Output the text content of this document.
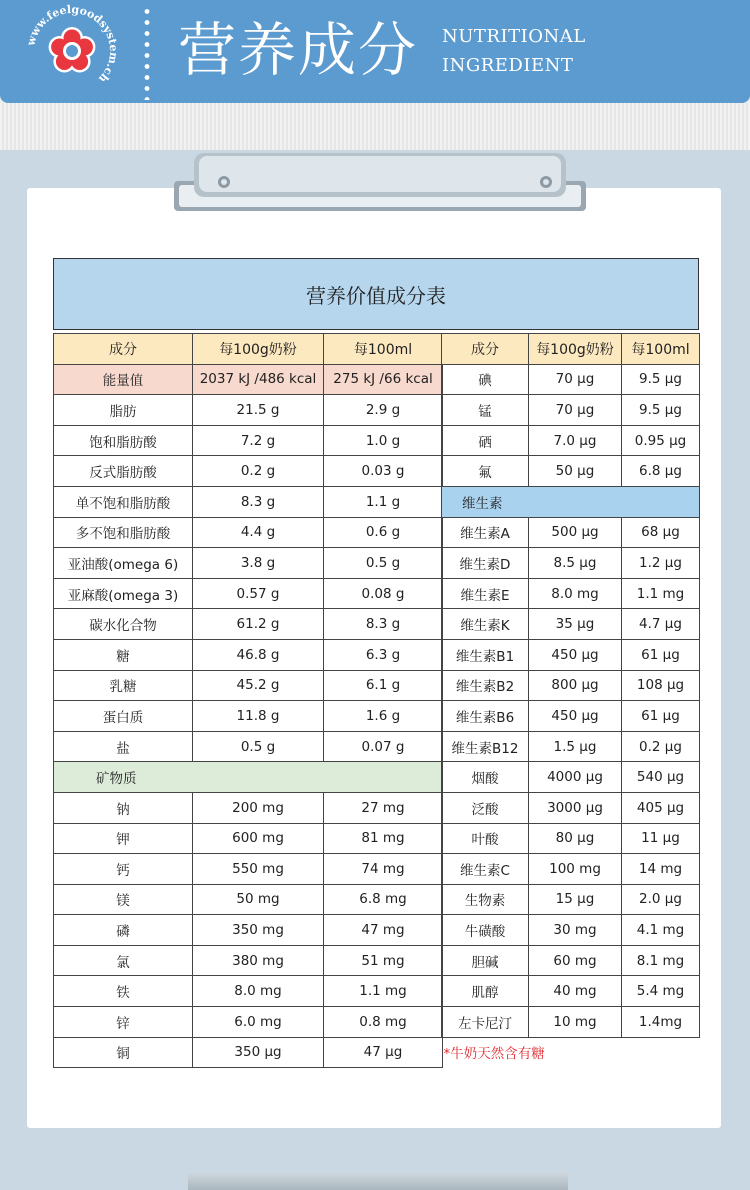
www.feelgoodsystem.ch 营养成分 NUTRITIONAL
INGREDIENT
营养价值成分表
成分	每100g奶粉	每100ml
能量值	2037 kJ /486 kcal	275 kJ /66 kcal
脂肪	21.5 g	2.9 g
饱和脂肪酸	7.2 g	1.0 g
反式脂肪酸	0.2 g	0.03 g
单不饱和脂肪酸	8.3 g	1.1 g
多不饱和脂肪酸	4.4 g	0.6 g
亚油酸(omega 6)	3.8 g	0.5 g
亚麻酸(omega 3)	0.57 g	0.08 g
碳水化合物	61.2 g	8.3 g
糖	46.8 g	6.3 g
乳糖	45.2 g	6.1 g
蛋白质	11.8 g	1.6 g
盐	0.5 g	0.07 g
矿物质		
钠	200 mg	27 mg
钾	600 mg	81 mg
钙	550 mg	74 mg
镁	50 mg	6.8 mg
磷	350 mg	47 mg
氯	380 mg	51 mg
铁	8.0 mg	1.1 mg
锌	6.0 mg	0.8 mg
铜	350 μg	47 μg
成分	每100g奶粉	每100ml
碘	70 μg	9.5 μg
锰	70 μg	9.5 μg
硒	7.0 μg	0.95 μg
氟	50 μg	6.8 μg
维生素		
维生素A	500 μg	68 μg
维生素D	8.5 μg	1.2 μg
维生素E	8.0 mg	1.1 mg
维生素K	35 μg	4.7 μg
维生素B1	450 μg	61 μg
维生素B2	800 μg	108 μg
维生素B6	450 μg	61 μg
维生素B12	1.5 μg	0.2 μg
烟酸	4000 μg	540 μg
泛酸	3000 μg	405 μg
叶酸	80 μg	11 μg
维生素C	100 mg	14 mg
生物素	15 μg	2.0 μg
牛磺酸	30 mg	4.1 mg
胆碱	60 mg	8.1 mg
肌醇	40 mg	5.4 mg
左卡尼汀	10 mg	1.4mg
*牛奶天然含有糖		
